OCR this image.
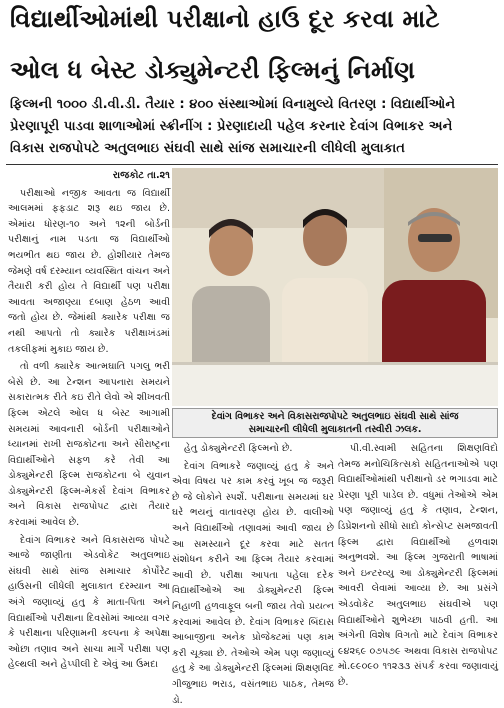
વિદ્યાર્થીઓમાંથી પરીક્ષાનો હાઉ દૂર કરવા માટે
ઓલ ધ બેસ્ટ ડોક્યુમેન્ટરી ફિલ્મનું નિર્માણ
ફિલ્મની ૧૦૦૦ ડી.વી.ડી. તૈયાર : ૪૦૦ સંસ્થાઓમાં વિનામુલ્યે વિતરણ : વિદ્યાર્થીઓને
પ્રેરણાપૂરી પાડવા શાળાઓમાં સ્ક્રીનીંગ : પ્રેરણાદાયી પહેલ કરનાર દેવાંગ વિભાકર અને
વિકાસ રાજપોપટે અતુલભાઇ સંઘવી સાથે સાંજ સમાચારની લીધેલી મુલાકાત
રાજકોટ તા.૨૧

પરીક્ષાઓ નજીક આવતા જ વિદ્યાર્થી આલમમાં ફફડાટ શરૂ થઇ જાય છે. એમાંય ધોરણ-૧૦ અને ૧૨ની બોર્ડની પરીક્ષાનું નામ પડતા જ વિદ્યાર્થીઓ ભયભીત થઇ જાય છે. હોશીયાર તેમજ જેમણે વર્ષ દરમ્યાન વ્યવસ્થિત વાંચન અને તૈયારી કરી હોય તે વિદ્યાર્થી પણ પરીક્ષા આવતા અજાણ્યા દબાણ હેઠળ આવી જતો હોય છે. જેમાંથી ક્યારેક પરીક્ષા જ નથી આપતો તો ક્યારેક પરીક્ષાખંડમાં તકલીફમાં મુકાઇ જાય છે.

તો વળી ક્યારેક આત્મઘાતિ પગલુ ભરી બેસે છે. આ ટેન્શન આપનારા સમયને સકારાત્મક રીતે કઇ રીતે લેવો એ શીખવતી ફિલ્મ એટલે ઓલ ધ બેસ્ટ આગામી સમયમાં આવનારી બોર્ડની પરીક્ષાઓને ધ્યાનમાં રાખી રાજકોટના અને સૌરાષ્ટ્રના વિદ્યાર્થીઓને સફળ કરે તેવી આ ડોક્યુમેન્ટરી ફિલ્મ રાજકોટના બે યુવાન ડોક્યુમેન્ટરી ફિલ્મ-મેકર્સ દેવાંગ વિભાકર અને વિકાસ રાજપોપટ દ્વારા તૈયાર કરવામાં આવેલ છે.

દેવાંગ વિભાકર અને વિકાસરાજ પોપટે આજે જાણીતા એડવોકેટ અતુલભાઇ સંઘવી સાથે સાંજ સમાચાર કોર્પોરેટ હાઉસની લીધેલી મુલાકાત દરમ્યાન આ અંગે જણાવ્યું હતુ કે માતા-પિતા અને વિદ્યાર્થીઓ પરીક્ષાના દિવસોમાં આવ્યા વગર કે પરીક્ષાના પરિણામની કલ્પના કે અપેક્ષા ઓછા તણાવ અને સાચા માર્ગે પરીક્ષા પણ હેલ્થલી અને હેપ્પીલી દે એવું આ ઉમદા

દેવાંગ વિભાકર અને વિકાસરાજપોપટે અતુલભાઇ સંઘવી સાથે સાંજ
સમાચારની લીધેલી મુલાકાતની તસ્વીરી ઝલક.

હેતુ ડોક્યુમેન્ટરી ફિલ્મનો છે.

દેવાંગ વિભાકરે જણાવ્યું હતુ કે અને એવા વિષય પર કામ કરવું ખૂબ જ જરૂરી છે જે લોકોને સ્પર્શે. પરીક્ષાના સમયમાં ઘર ઘરે ભયનું વાતાવરણ હોય છે. વાલીઓ અને વિદ્યાર્થીઓ તણાવમાં આવી જાય છે આ સમસ્યાને દૂર કરવા માટે સતત સંશોધન કરીને આ ફિલ્મ તૈયાર કરવામાં આવી છે. પરીક્ષા આપતા પહેલા દરેક વિદ્યાર્થીઓએ આ ડોક્યુમેન્ટરી ફિલ્મ નિહાળી હળવાફૂલ બની જાય તેવો પ્રયત્ન કરવામાં આવેલ છે. દેવાંગ વિભાકર બિંદાસ આબાજીના અનેક પ્રોજેક્ટમાં પણ કામ કરી ચૂક્યા છે. તેઓએ એમ પણ જણાવ્યું હતુ કે આ ડોક્યુમેન્ટરી ફિલ્મમાં શિક્ષણવિદ ગીજુભાઇ ભરાડ, વસંતભાઇ પાઠક, તેમજ ડો.

પી.વી.સ્વામી સહિતના શિક્ષણવિદો તેમજ મનોચિકિત્સકો સહિતનાઓએ પણ વિદ્યાર્થીઓમાંથી પરીક્ષાનો ડર ભગાડવા માટે પ્રેરણા પૂરી પાડેલ છે. વધુમાં તેઓએ એમ પણ જણાવ્યું હતુ કે તણાવ, ટેન્શન, ડિપ્રેશનનો સીધો સાદો કોન્સેપ્ટ સમજાવતી ફિલ્મ દ્વારા વિદ્યાર્થીઓ હળવાશ અનુભવશે. આ ફિલ્મ ગુજરાતી ભાષામાં અને ઇન્ટરવ્યુ આ ડોક્યુમેન્ટરી ફિલ્મમાં આવરી લેવામાં આવ્યા છે. આ પ્રસંગે એડવોકેટ અતુલભાઇ સંઘવીએ પણ વિદ્યાર્થીઓને શુભેચ્છા પાઠવી હતી. આ અંગેની વિશેષ વિગતો માટે દેવાંગ વિભાકર ૯૪૨૬૯ ૦૭૫૭૯ અથવા વિકાસ રાજપોપટ મો.૯૯૦૯૦ ૧૧૨૩૩ સંપર્ક કરવા જણાવાયું છે.
